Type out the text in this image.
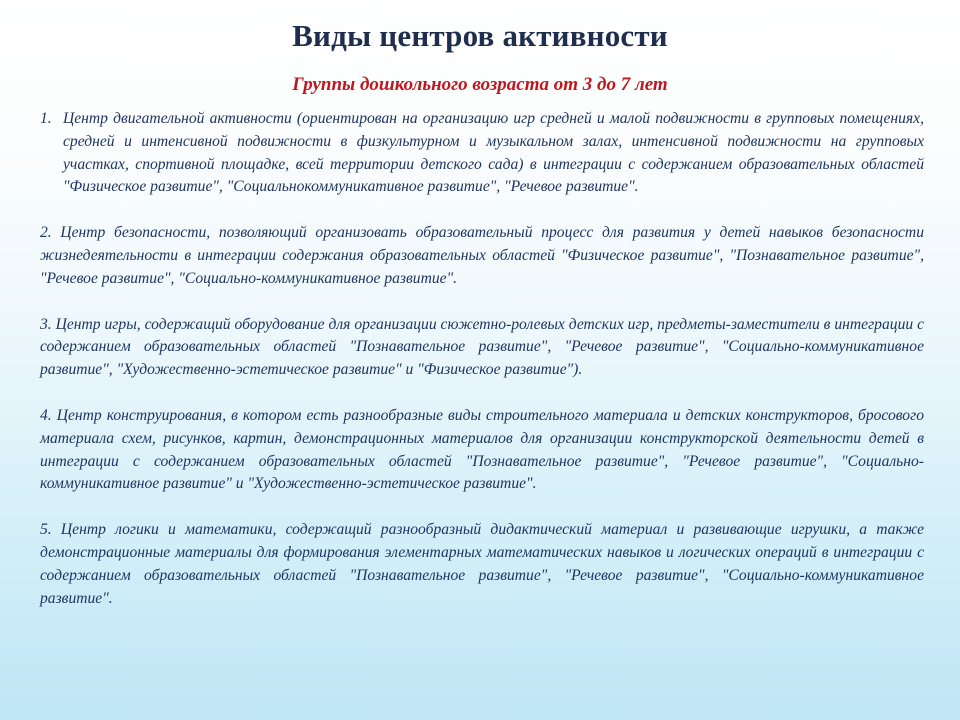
Виды центров активности
Группы дошкольного возраста от 3 до 7 лет
1. Центр двигательной активности (ориентирован на организацию игр средней и малой подвижности в групповых помещениях, средней и интенсивной подвижности в физкультурном и музыкальном залах, интенсивной подвижности на групповых участках, спортивной площадке, всей территории детского сада) в интеграции с содержанием образовательных областей "Физическое развитие", "Социальнокоммуникативное развитие", "Речевое развитие".
2. Центр безопасности, позволяющий организовать образовательный процесс для развития у детей навыков безопасности жизнедеятельности в интеграции содержания образовательных областей "Физическое развитие", "Познавательное развитие", "Речевое развитие", "Социально-коммуникативное развитие".
3. Центр игры, содержащий оборудование для организации сюжетно-ролевых детских игр, предметы-заместители в интеграции с содержанием образовательных областей "Познавательное развитие", "Речевое развитие", "Социально-коммуникативное развитие", "Художественно-эстетическое развитие" и "Физическое развитие").
4. Центр конструирования, в котором есть разнообразные виды строительного материала и детских конструкторов, бросового материала схем, рисунков, картин, демонстрационных материалов для организации конструкторской деятельности детей в интеграции с содержанием образовательных областей "Познавательное развитие", "Речевое развитие", "Социально-коммуникативное развитие" и "Художественно-эстетическое развитие".
5. Центр логики и математики, содержащий разнообразный дидактический материал и развивающие игрушки, а также демонстрационные материалы для формирования элементарных математических навыков и логических операций в интеграции с содержанием образовательных областей "Познавательное развитие", "Речевое развитие", "Социально-коммуникативное развитие".
